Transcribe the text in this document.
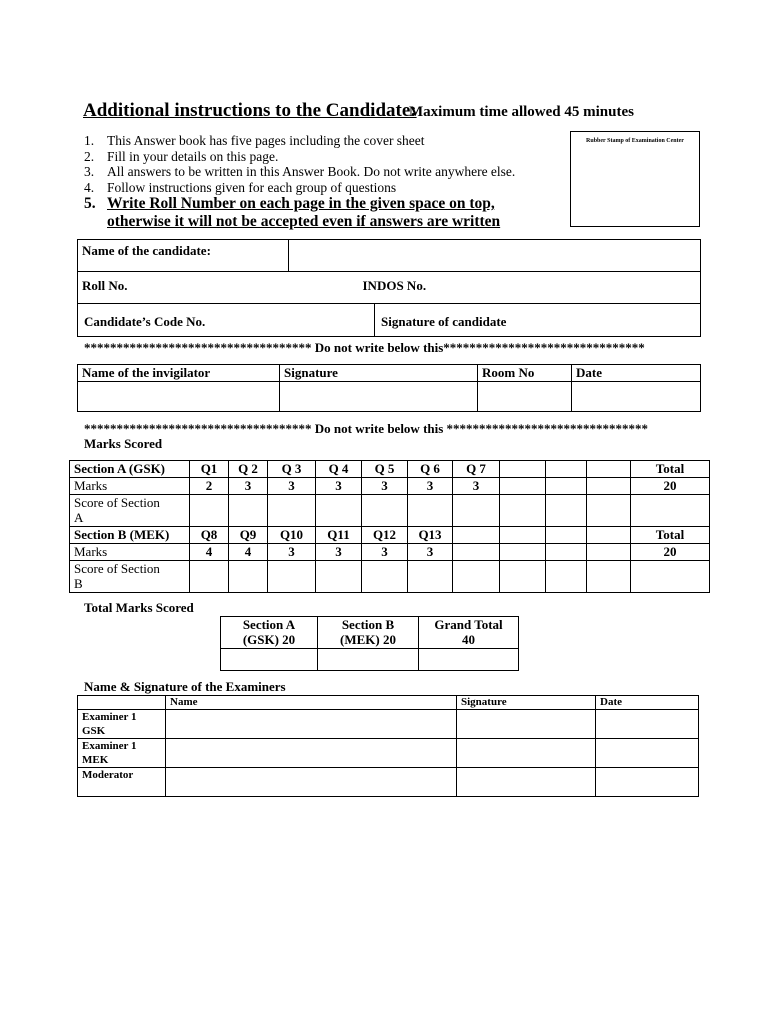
Additional instructions to the Candidate:
Maximum time allowed 45 minutes
Rubber Stamp of Examination Center
1. This Answer book has five pages including the cover sheet
2. Fill in your details on this page.
3. All answers to be written in this Answer Book. Do not write anywhere else.
4. Follow instructions given for each group of questions
5. Write Roll Number on each page in the given space on top,
otherwise it will not be accepted even if answers are written
Name of the candidate:	
Roll No.	INDOS No.

Candidate’s Code No.	Signature of candidate
*********************************** Do not write below this*******************************
Name of the invigilator	Signature	Room No	Date

*********************************** Do not write below this *******************************
Marks Scored
Section A (GSK)	Q1	Q 2	Q 3	Q 4	Q 5	Q 6	Q 7				Total
Marks	2	3	3	3	3	3	3				20
Score of Section
A											
Section B (MEK)	Q8	Q9	Q10	Q11	Q12	Q13					Total
Marks	4	4	3	3	3	3					20
Score of Section
B											
Total Marks Scored
Section A
(GSK) 20	Section B
(MEK) 20	Grand Total
40

Name & Signature of the Examiners
	Name	Signature	Date
Examiner 1
GSK			
Examiner 1
MEK			
Moderator			
